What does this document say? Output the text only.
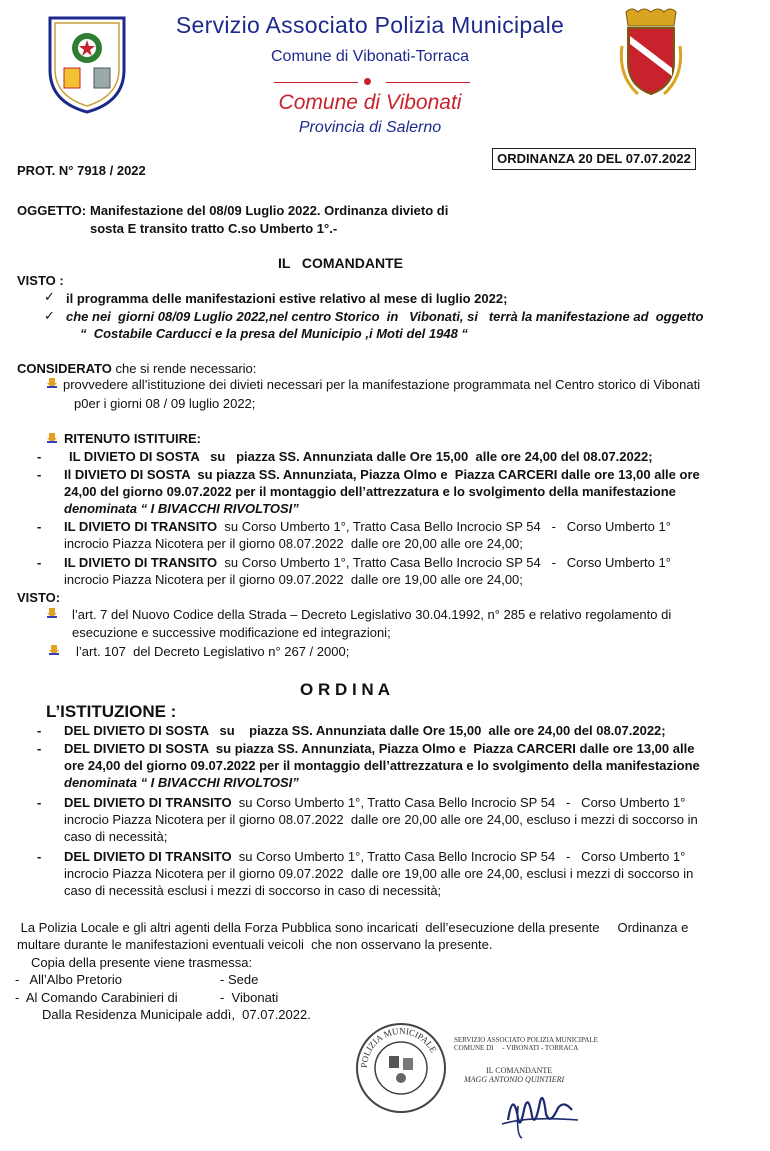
Servizio Associato Polizia Municipale
Comune di Vibonati-Torraca
Comune di Vibonati
Provincia di Salerno
ORDINANZA 20 DEL 07.07.2022
PROT. N° 7918 / 2022
OGGETTO: Manifestazione del 08/09 Luglio 2022. Ordinanza divieto di
sosta E transito tratto C.so Umberto 1°.-
IL   COMANDANTE
VISTO :
✓ il programma delle manifestazioni estive relativo al mese di luglio 2022;
✓ che nei  giorni 08/09 Luglio 2022,nel centro Storico  in   Vibonati, si   terrà la manifestazione ad  oggetto
“  Costabile Carducci e la presa del Municipio ,i Moti del 1948 “
CONSIDERATO che si rende necessario:
provvedere all’istituzione dei divieti necessari per la manifestazione programmata nel Centro storico di Vibonati
p0er i giorni 08 / 09 luglio 2022;
RITENUTO ISTITUIRE:
- IL DIVIETO DI SOSTA   su   piazza SS. Annunziata dalle Ore 15,00  alle ore 24,00 del 08.07.2022;
- Il DIVIETO DI SOSTA  su piazza SS. Annunziata, Piazza Olmo e  Piazza CARCERI dalle ore 13,00 alle ore
24,00 del giorno 09.07.2022 per il montaggio dell’attrezzatura e lo svolgimento della manifestazione
denominata “ I BIVACCHI RIVOLTOSI”
- IL DIVIETO DI TRANSITO  su Corso Umberto 1°, Tratto Casa Bello Incrocio SP 54   -   Corso Umberto 1°
incrocio Piazza Nicotera per il giorno 08.07.2022  dalle ore 20,00 alle ore 24,00;
- IL DIVIETO DI TRANSITO  su Corso Umberto 1°, Tratto Casa Bello Incrocio SP 54   -   Corso Umberto 1°
incrocio Piazza Nicotera per il giorno 09.07.2022  dalle ore 19,00 alle ore 24,00;
VISTO:
l’art. 7 del Nuovo Codice della Strada – Decreto Legislativo 30.04.1992, n° 285 e relativo regolamento di
esecuzione e successive modificazione ed integrazioni;
l’art. 107  del Decreto Legislativo n° 267 / 2000;
O R D I N A
L’ISTITUZIONE :
- DEL DIVIETO DI SOSTA   su    piazza SS. Annunziata dalle Ore 15,00  alle ore 24,00 del 08.07.2022;
- DEL DIVIETO DI SOSTA  su piazza SS. Annunziata, Piazza Olmo e  Piazza CARCERI dalle ore 13,00 alle
ore 24,00 del giorno 09.07.2022 per il montaggio dell’attrezzatura e lo svolgimento della manifestazione
denominata “ I BIVACCHI RIVOLTOSI”
- DEL DIVIETO DI TRANSITO  su Corso Umberto 1°, Tratto Casa Bello Incrocio SP 54   -   Corso Umberto 1°
incrocio Piazza Nicotera per il giorno 08.07.2022  dalle ore 20,00 alle ore 24,00, escluso i mezzi di soccorso in
caso di necessità;
- DEL DIVIETO DI TRANSITO  su Corso Umberto 1°, Tratto Casa Bello Incrocio SP 54   -   Corso Umberto 1°
incrocio Piazza Nicotera per il giorno 09.07.2022  dalle ore 19,00 alle ore 24,00, esclusi i mezzi di soccorso in
caso di necessità esclusi i mezzi di soccorso in caso di necessità;
La Polizia Locale e gli altri agenti della Forza Pubblica sono incaricati  dell’esecuzione della presente     Ordinanza e
multare durante le manifestazioni eventuali veicoli  che non osservano la presente.
Copia della presente viene trasmessa:
-   All’Albo Pretorio	- Sede
-  Al Comando Carabinieri di	-  Vibonati
Dalla Residenza Municipale addì,  07.07.2022.
POLIZIA MUNICIPALE
SERVIZIO ASSOCIATO POLIZIA MUNICIPALE
COMUNE DI     - VIBONATI - TORRACA
IL COMANDANTE
MAGG ANTONIO QUINTIERI
